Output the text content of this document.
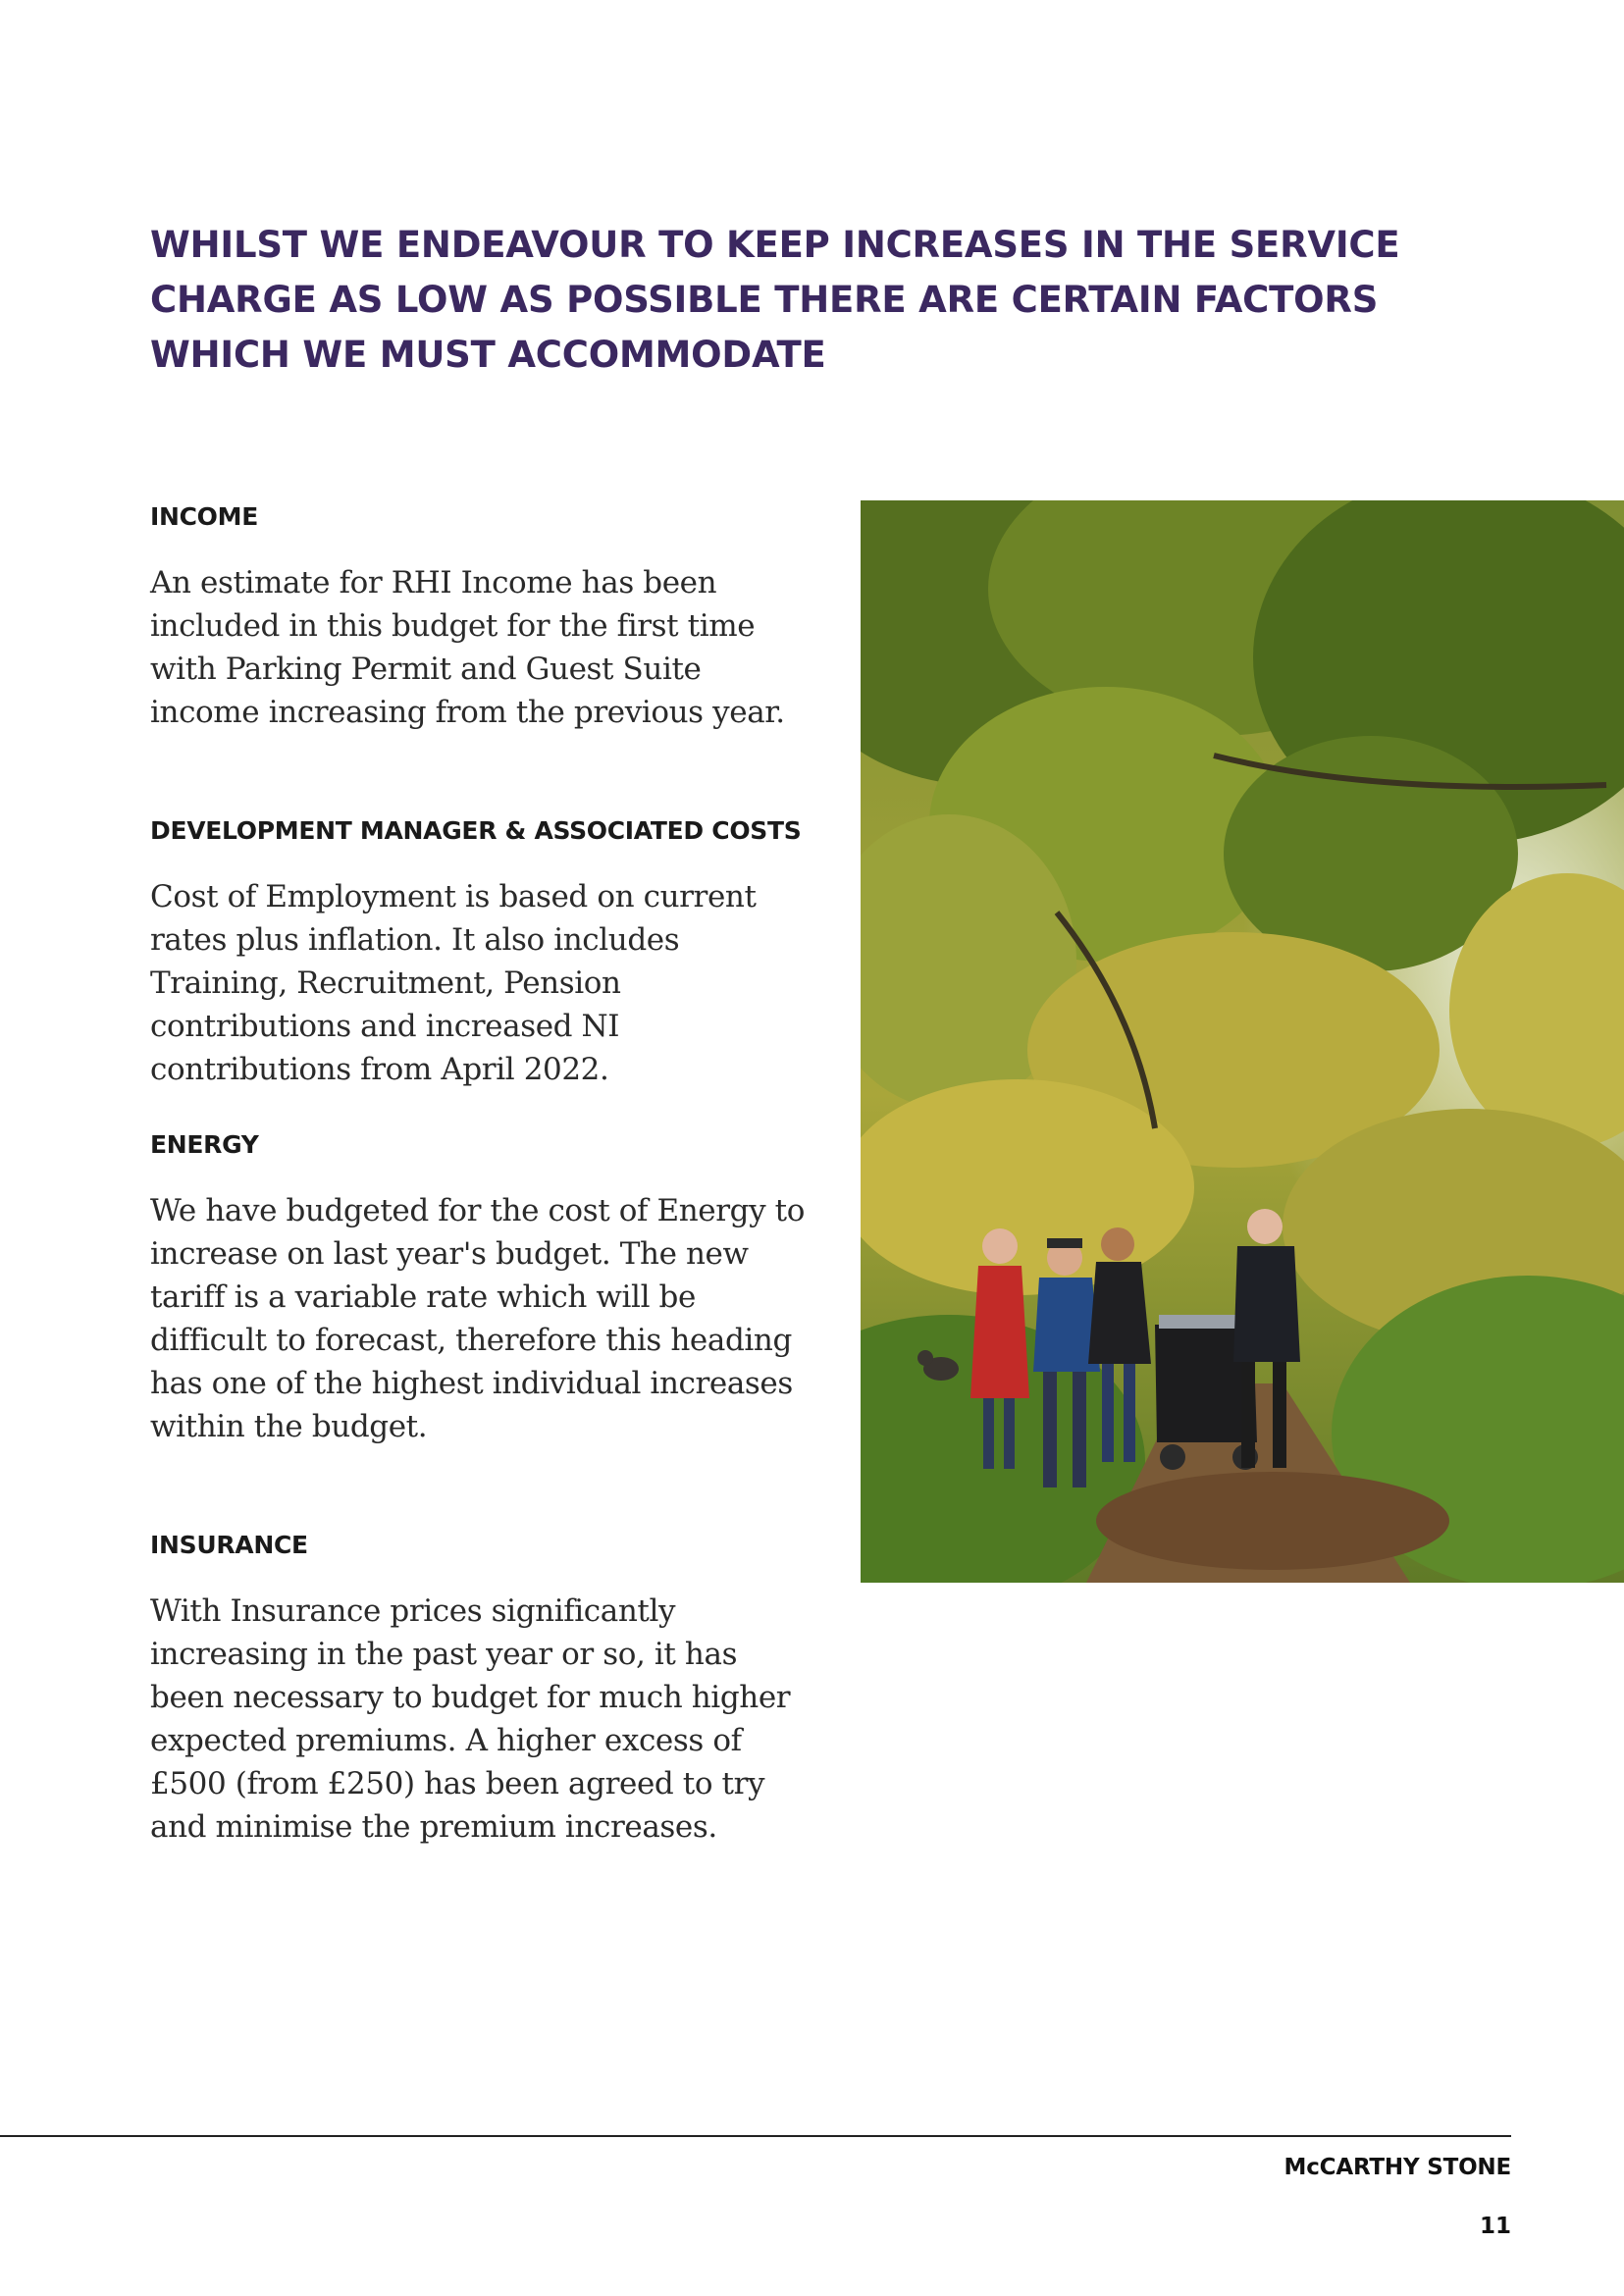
WHILST WE ENDEAVOUR TO KEEP INCREASES IN THE SERVICE CHARGE AS LOW AS POSSIBLE THERE ARE CERTAIN FACTORS WHICH WE MUST ACCOMMODATE
INCOME

An estimate for RHI Income has been included in this budget for the first time with Parking Permit and Guest Suite income increasing from the previous year.

DEVELOPMENT MANAGER & ASSOCIATED COSTS

Cost of Employment is based on current rates plus inflation. It also includes Training, Recruitment, Pension contributions and increased NI contributions from April 2022.

ENERGY

We have budgeted for the cost of Energy to increase on last year's budget. The new tariff is a variable rate which will be difficult to forecast, therefore this heading has one of the highest individual increases within the budget.

INSURANCE

With Insurance prices significantly increasing in the past year or so, it has been necessary to budget for much higher expected premiums. A higher excess of £500 (from £250) has been agreed to try and minimise the premium increases.

McCARTHY STONE
11
